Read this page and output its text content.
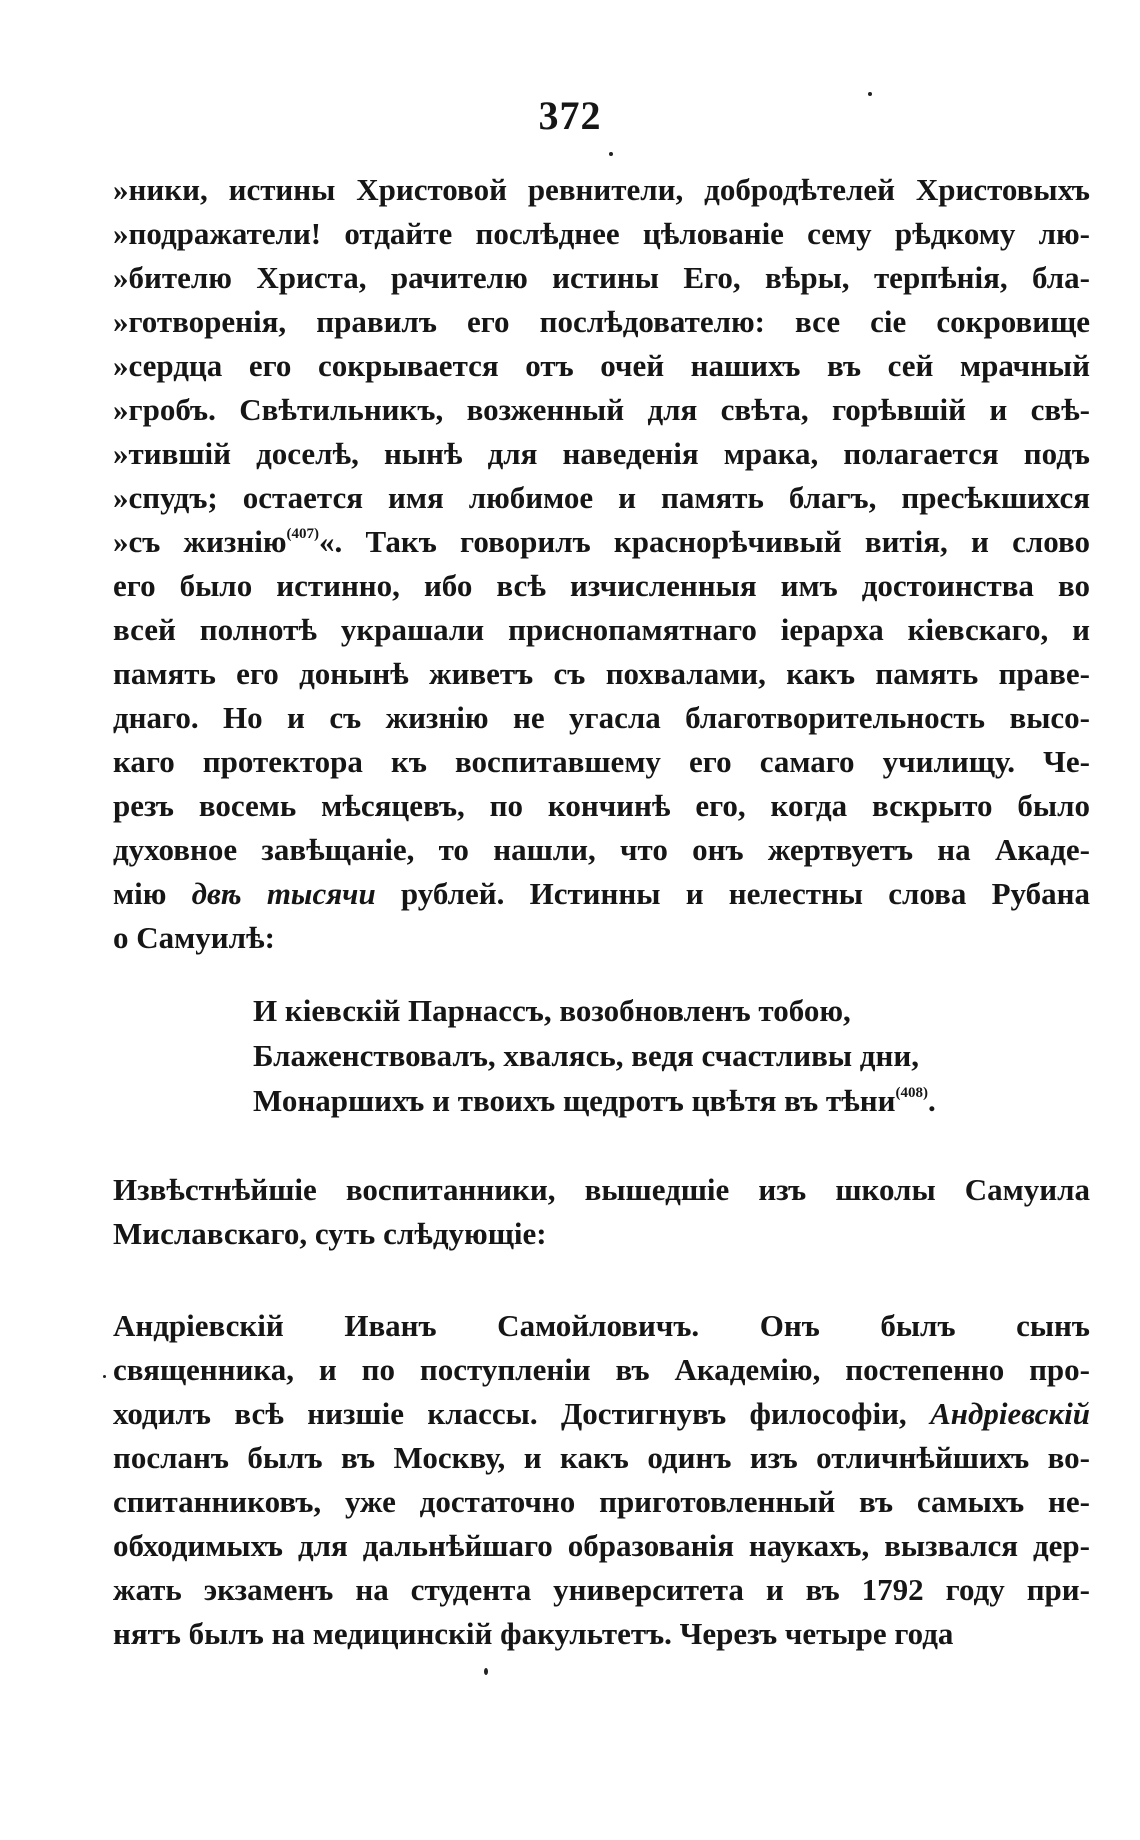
372
»ники, истины Христовой ревнители, добродѣтелей Христовыхъ
»подражатели! отдайте послѣднее цѣлованіе сему рѣдкому лю-
»бителю Христа, рачителю истины Его, вѣры, терпѣнія, бла-
»готворенія, правилъ его послѣдователю: все сіе сокровище
»сердца его сокрывается отъ очей нашихъ въ сей мрачный
»гробъ. Свѣтильникъ, возженный для свѣта, горѣвшій и свѣ-
»тившій доселѣ, нынѣ для наведенія мрака, полагается подъ
»спудъ; остается имя любимое и память благъ, пресѣкшихся
»съ жизнію$^{(407)}$«. Такъ говорилъ краснорѣчивый витія, и слово
его было истинно, ибо всѣ изчисленныя имъ достоинства во
всей полнотѣ украшали приснопамятнаго іерарха кіевскаго, и
память его донынѣ живетъ съ похвалами, какъ память праве-
днаго. Но и съ жизнію не угасла благотворительность высо-
каго протектора къ воспитавшему его самаго училищу. Че-
резъ восемь мѣсяцевъ, по кончинѣ его, когда вскрыто было
духовное завѣщаніе, то нашли, что онъ жертвуетъ на Акаде-
мію двѣ тысячи рублей. Истинны и нелестны слова Рубана
о Самуилѣ:
И кіевскій Парнассъ, возобновленъ тобою,
Блаженствовалъ, хвалясь, ведя счастливы дни,
Монаршихъ и твоихъ щедротъ цвѣтя въ тѣни$^{(408)}$.
Извѣстнѣйшіе воспитанники, вышедшіе изъ школы Самуила
Миславскаго, суть слѣдующіе:
Андріевскій Иванъ Самойловичъ. Онъ былъ сынъ
священника, и по поступленіи въ Академію, постепенно про-
ходилъ всѣ низшіе классы. Достигнувъ философіи, Андріевскій
посланъ былъ въ Москву, и какъ одинъ изъ отличнѣйшихъ во-
спитанниковъ, уже достаточно приготовленный въ самыхъ не-
обходимыхъ для дальнѣйшаго образованія наукахъ, вызвался дер-
жать экзаменъ на студента университета и въ 1792 году при-
нятъ былъ на медицинскій факультетъ. Черезъ четыре года
